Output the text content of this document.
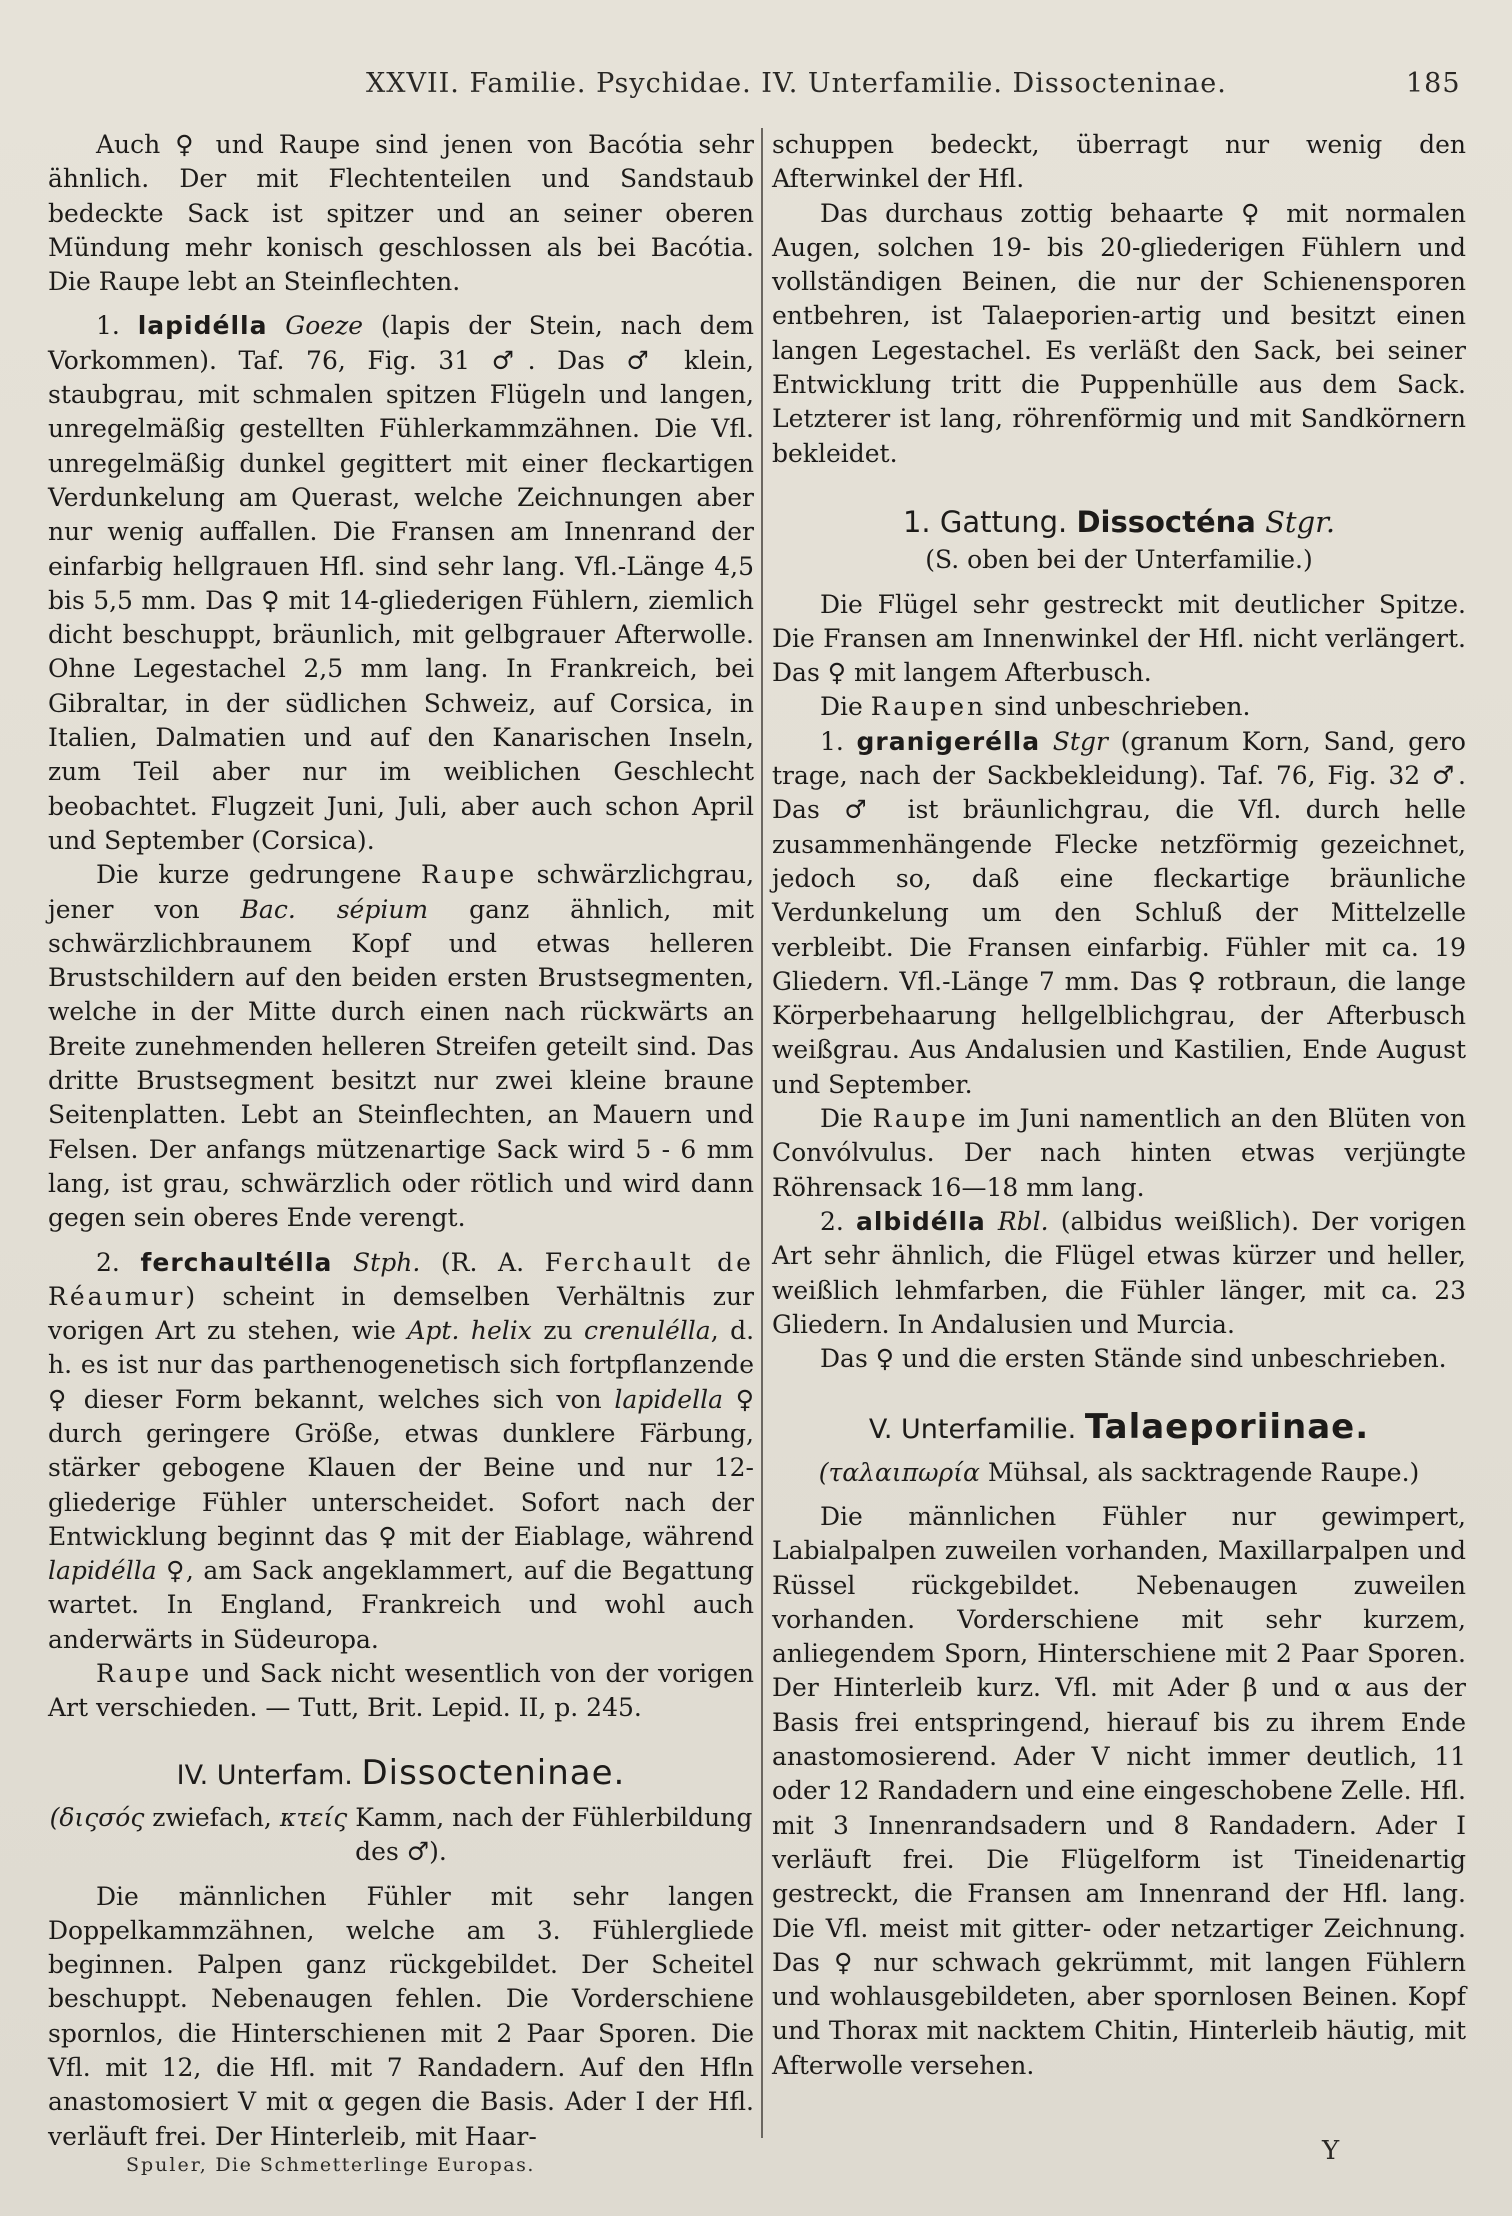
XXVII. Familie. Psychidae. IV. Unterfamilie. Dissocteninae.	185

Auch ♀ und Raupe sind jenen von Bacótia sehr ähnlich. Der mit Flechtenteilen und Sandstaub bedeckte Sack ist spitzer und an seiner oberen Mündung mehr konisch geschlossen als bei Bacótia. Die Raupe lebt an Steinflechten.

1. lapidélla Goeze (lapis der Stein, nach dem Vorkommen). Taf. 76, Fig. 31 ♂. Das ♂ klein, staubgrau, mit schmalen spitzen Flügeln und langen, unregelmäßig gestellten Fühlerkammzähnen. Die Vfl. unregelmäßig dunkel gegittert mit einer fleckartigen Verdunkelung am Querast, welche Zeichnungen aber nur wenig auffallen. Die Fransen am Innenrand der einfarbig hellgrauen Hfl. sind sehr lang. Vfl.-Länge 4,5 bis 5,5 mm. Das ♀ mit 14-gliederigen Fühlern, ziemlich dicht beschuppt, bräunlich, mit gelbgrauer Afterwolle. Ohne Legestachel 2,5 mm lang. In Frankreich, bei Gibraltar, in der südlichen Schweiz, auf Corsica, in Italien, Dalmatien und auf den Kanarischen Inseln, zum Teil aber nur im weiblichen Geschlecht beobachtet. Flugzeit Juni, Juli, aber auch schon April und September (Corsica).

Die kurze gedrungene Raupe schwärzlichgrau, jener von Bac. sépium ganz ähnlich, mit schwärzlichbraunem Kopf und etwas helleren Brustschildern auf den beiden ersten Brustsegmenten, welche in der Mitte durch einen nach rückwärts an Breite zunehmenden helleren Streifen geteilt sind. Das dritte Brustsegment besitzt nur zwei kleine braune Seitenplatten. Lebt an Steinflechten, an Mauern und Felsen. Der anfangs mützenartige Sack wird 5 - 6 mm lang, ist grau, schwärzlich oder rötlich und wird dann gegen sein oberes Ende verengt.

2. ferchaultélla Stph. (R. A. Ferchault de Réaumur) scheint in demselben Verhältnis zur vorigen Art zu stehen, wie Apt. helix zu crenulélla, d. h. es ist nur das parthenogenetisch sich fortpflanzende ♀ dieser Form bekannt, welches sich von lapidella ♀ durch geringere Größe, etwas dunklere Färbung, stärker gebogene Klauen der Beine und nur 12-gliederige Fühler unterscheidet. Sofort nach der Entwicklung beginnt das ♀ mit der Eiablage, während lapidélla ♀, am Sack angeklammert, auf die Begattung wartet. In England, Frankreich und wohl auch anderwärts in Südeuropa.

Raupe und Sack nicht wesentlich von der vorigen Art verschieden. — Tutt, Brit. Lepid. II, p. 245.

IV. Unterfam. Dissocteninae.

(διςσός zwiefach, κτείς Kamm, nach der Fühlerbildung des ♂).

Die männlichen Fühler mit sehr langen Doppelkammzähnen, welche am 3. Fühlergliede beginnen. Palpen ganz rückgebildet. Der Scheitel beschuppt. Nebenaugen fehlen. Die Vorderschiene spornlos, die Hinterschienen mit 2 Paar Sporen. Die Vfl. mit 12, die Hfl. mit 7 Randadern. Auf den Hfln anastomosiert V mit α gegen die Basis. Ader I der Hfl. verläuft frei. Der Hinterleib, mit Haar-

schuppen bedeckt, überragt nur wenig den Afterwinkel der Hfl.

Das durchaus zottig behaarte ♀ mit normalen Augen, solchen 19- bis 20-gliederigen Fühlern und vollständigen Beinen, die nur der Schienensporen entbehren, ist Talaeporien-artig und besitzt einen langen Legestachel. Es verläßt den Sack, bei seiner Entwicklung tritt die Puppenhülle aus dem Sack. Letzterer ist lang, röhrenförmig und mit Sandkörnern bekleidet.

1. Gattung. Dissocténa Stgr.

(S. oben bei der Unterfamilie.)

Die Flügel sehr gestreckt mit deutlicher Spitze. Die Fransen am Innenwinkel der Hfl. nicht verlängert. Das ♀ mit langem Afterbusch.

Die Raupen sind unbeschrieben.

1. granigerélla Stgr (granum Korn, Sand, gero trage, nach der Sackbekleidung). Taf. 76, Fig. 32 ♂. Das ♂ ist bräunlichgrau, die Vfl. durch helle zusammenhängende Flecke netzförmig gezeichnet, jedoch so, daß eine fleckartige bräunliche Verdunkelung um den Schluß der Mittelzelle verbleibt. Die Fransen einfarbig. Fühler mit ca. 19 Gliedern. Vfl.-Länge 7 mm. Das ♀ rotbraun, die lange Körperbehaarung hellgelblichgrau, der Afterbusch weißgrau. Aus Andalusien und Kastilien, Ende August und September.

Die Raupe im Juni namentlich an den Blüten von Convólvulus. Der nach hinten etwas verjüngte Röhrensack 16—18 mm lang.

2. albidélla Rbl. (albidus weißlich). Der vorigen Art sehr ähnlich, die Flügel etwas kürzer und heller, weißlich lehmfarben, die Fühler länger, mit ca. 23 Gliedern. In Andalusien und Murcia.

Das ♀ und die ersten Stände sind unbeschrieben.

V. Unterfamilie. Talaeporiinae.

(ταλαιπωρία Mühsal, als sacktragende Raupe.)

Die männlichen Fühler nur gewimpert, Labialpalpen zuweilen vorhanden, Maxillarpalpen und Rüssel rückgebildet. Nebenaugen zuweilen vorhanden. Vorderschiene mit sehr kurzem, anliegendem Sporn, Hinterschiene mit 2 Paar Sporen. Der Hinterleib kurz. Vfl. mit Ader β und α aus der Basis frei entspringend, hierauf bis zu ihrem Ende anastomosierend. Ader V nicht immer deutlich, 11 oder 12 Randadern und eine eingeschobene Zelle. Hfl. mit 3 Innenrandsadern und 8 Randadern. Ader I verläuft frei. Die Flügelform ist Tineidenartig gestreckt, die Fransen am Innenrand der Hfl. lang. Die Vfl. meist mit gitter- oder netzartiger Zeichnung. Das ♀ nur schwach gekrümmt, mit langen Fühlern und wohlausgebildeten, aber spornlosen Beinen. Kopf und Thorax mit nacktem Chitin, Hinterleib häutig, mit Afterwolle versehen.

Spuler, Die Schmetterlinge Europas.	Y
